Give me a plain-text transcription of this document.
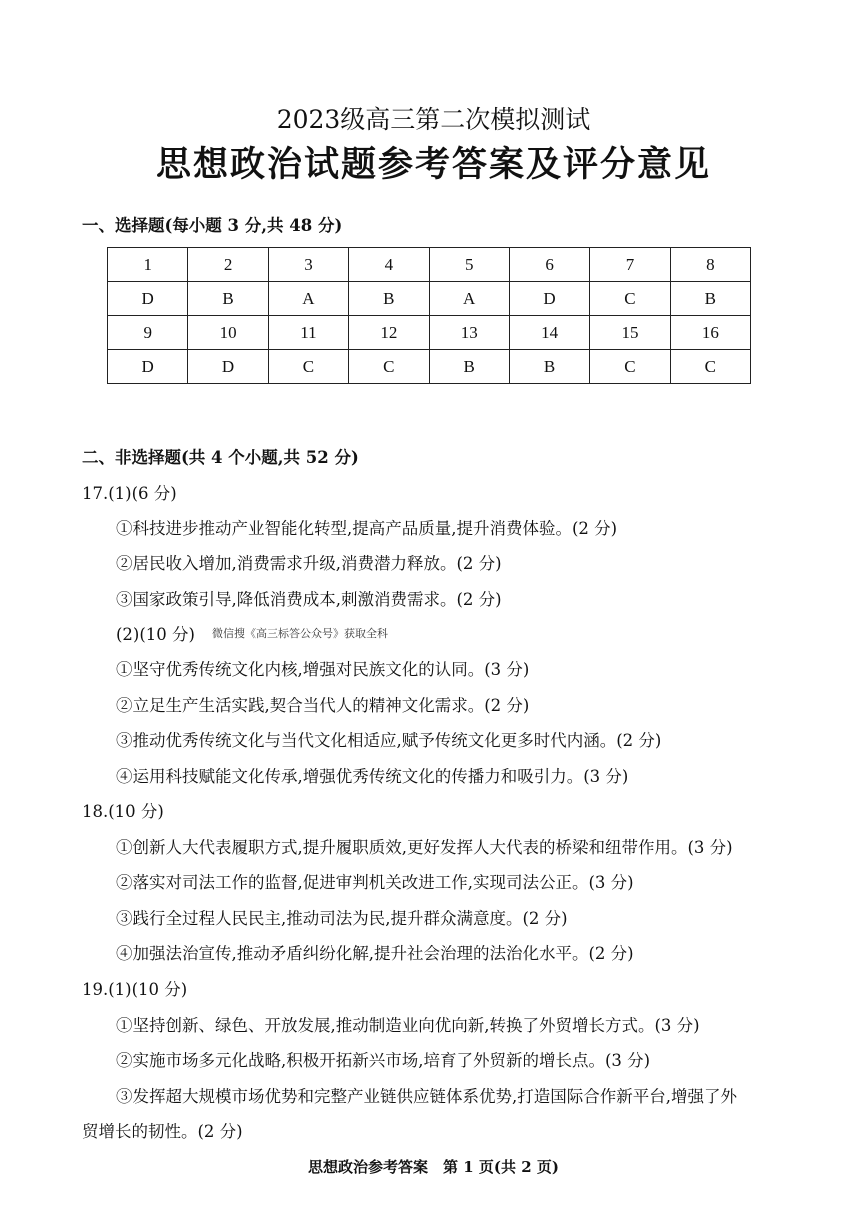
2023级高三第二次模拟测试
思想政治试题参考答案及评分意见
一、选择题(每小题 3 分,共 48 分)
1	2	3	4	5	6	7	8
D	B	A	B	A	D	C	B
9	10	11	12	13	14	15	16
D	D	C	C	B	B	C	C
二、非选择题(共 4 个小题,共 52 分)
17.(1)(6 分)
①科技进步推动产业智能化转型,提高产品质量,提升消费体验。(2 分)
②居民收入增加,消费需求升级,消费潜力释放。(2 分)
③国家政策引导,降低消费成本,刺激消费需求。(2 分)
(2)(10 分) 微信搜《高三标答公众号》获取全科
①坚守优秀传统文化内核,增强对民族文化的认同。(3 分)
②立足生产生活实践,契合当代人的精神文化需求。(2 分)
③推动优秀传统文化与当代文化相适应,赋予传统文化更多时代内涵。(2 分)
④运用科技赋能文化传承,增强优秀传统文化的传播力和吸引力。(3 分)
18.(10 分)
①创新人大代表履职方式,提升履职质效,更好发挥人大代表的桥梁和纽带作用。(3 分)
②落实对司法工作的监督,促进审判机关改进工作,实现司法公正。(3 分)
③践行全过程人民民主,推动司法为民,提升群众满意度。(2 分)
④加强法治宣传,推动矛盾纠纷化解,提升社会治理的法治化水平。(2 分)
19.(1)(10 分)
①坚持创新、绿色、开放发展,推动制造业向优向新,转换了外贸增长方式。(3 分)
②实施市场多元化战略,积极开拓新兴市场,培育了外贸新的增长点。(3 分)
③发挥超大规模市场优势和完整产业链供应链体系优势,打造国际合作新平台,增强了外
贸增长的韧性。(2 分)
思想政治参考答案　第 1 页(共 2 页)
